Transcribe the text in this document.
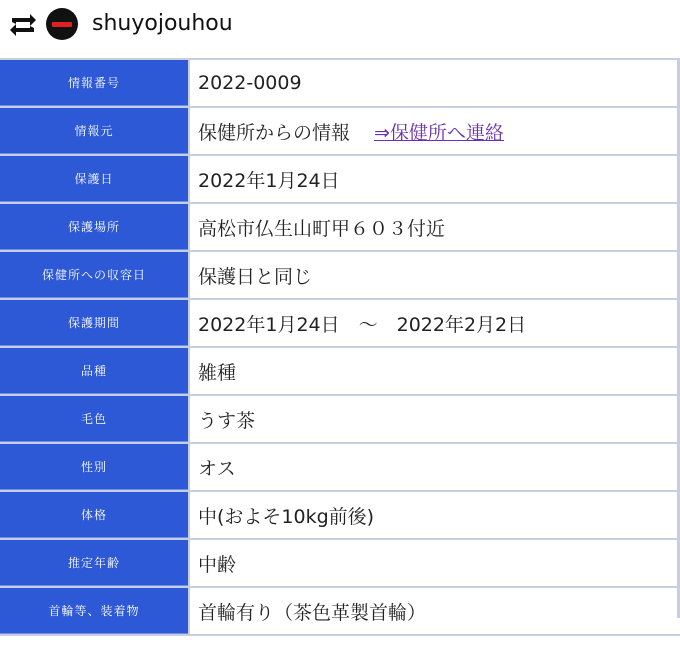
shuyojouhou
情報番号	2022-0009
情報元	保健所からの情報 ⇒保健所へ連絡
保護日	2022年1月24日
保護場所	高松市仏生山町甲６０３付近
保健所への収容日	保護日と同じ
保護期間	2022年1月24日　～　2022年2月2日
品種	雑種
毛色	うす茶
性別	オス
体格	中(およそ10kg前後)
推定年齢	中齢
首輪等、装着物	首輪有り（茶色革製首輪）
